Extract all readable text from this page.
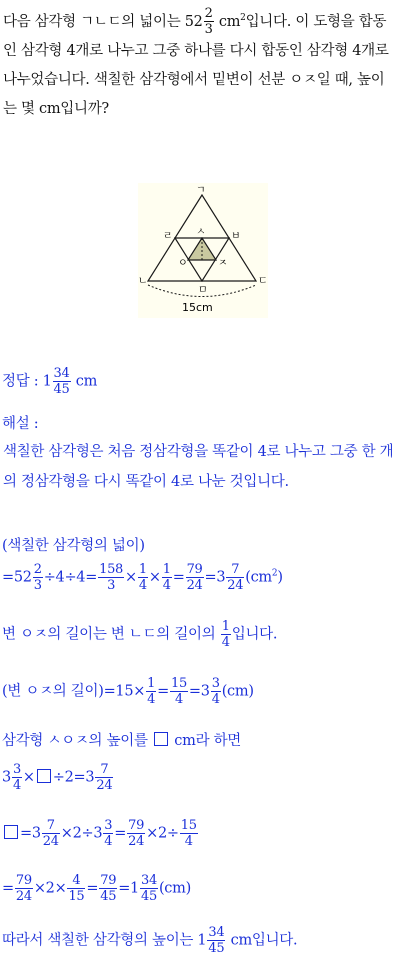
다음 삼각형 ㄱㄴㄷ의 넓이는 $52 \frac{2}{3} cm^2$입니다. 이 도형을 합동인 삼각형 4개로 나누고 그중 하나를 다시 합동인 삼각형 4개로 나누었습니다. 색칠한 삼각형에서 밑변이 선분 ㅇㅈ일 때, 높이는 몇 cm입니까?
ㄱ
ㄹ	ㅂ
ㅅ
ㅇ	ㅈ
ㄴ	ㄷ
ㅁ
15cm
정답 : $1 \frac{34}{45}$ cm
해설 :
색칠한 삼각형은 처음 정삼각형을 똑같이 4로 나누고 그중 한 개의 정삼각형을 다시 똑같이 4로 나눈 것입니다.
(색칠한 삼각형의 넓이)
$=52 \frac{2}{3} \div 4\div 4= \frac{158}{3} \times \frac{1}{4} \times \frac{1}{4} = \frac{79}{24} =3 \frac{7}{24} (cm^2)$
변 ㅇㅈ의 길이는 변 ㄴㄷ의 길이의 $\frac{1}{4}$ 입니다.
(변 ㅇㅈ의 길이)$=15\times \frac{1}{4} = \frac{15}{4} =3 \frac{3}{4} (cm)$
삼각형 ㅅㅇㅈ의 높이를  cm라 하면
$3 \frac{3}{4} \times \div 2=3 \frac{7}{24}$
$=3 \frac{7}{24} \times 2\div 3 \frac{3}{4} = \frac{79}{24} \times 2\div \frac{15}{4}$
= $\frac{79}{24} \times 2\times \frac{4}{15} = \frac{79}{45} =1 \frac{34}{45} (cm)$
따라서 색칠한 삼각형의 높이는 $1 \frac{34}{45}$ cm입니다.
